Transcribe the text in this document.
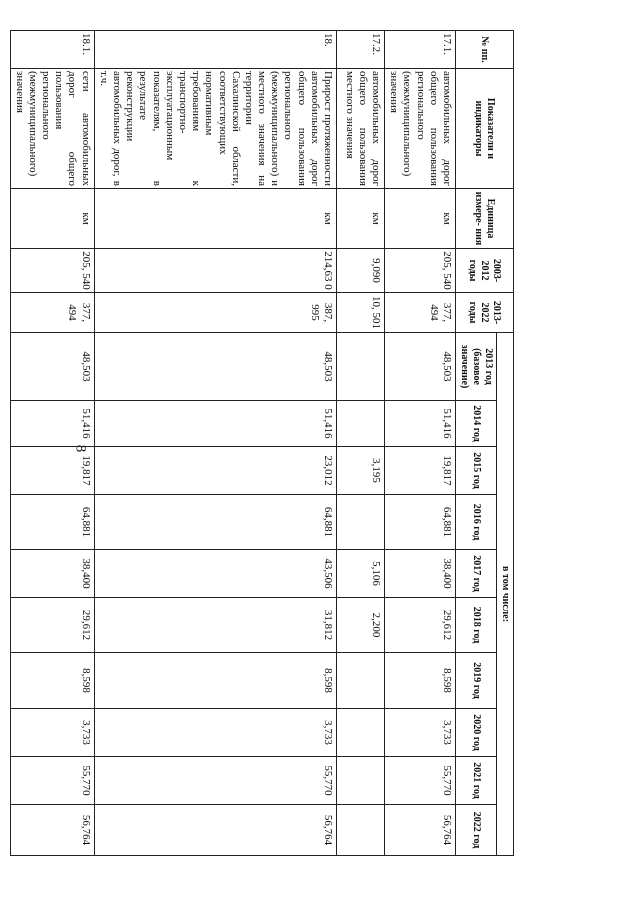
8
№ пп.	Показатели и индикаторы	Единица измере- ния	2003- 2012 годы	2013- 2022 годы	в том числе:									
					2013 год (базовое значение)	2014 год	2015 год	2016 год	2017 год	2018 год	2019 год	2020 год	2021 год	2022 год
17.1.	автомобильных дорог общего пользования регионального (межмуниципального) значения	км	205, 540	377, 494	48,503	51,416	19,817	64,881	38,400	29,612	8,598	3,733	55,770	56,764
17.2.	автомобильных дорог общего пользования местного значения	км	9,090	10, 501			3,195		5,106	2,200				
18.	Прирост протяженности автомобильных дорог общего пользования регионального (межмуниципального) и местного значения на территории Сахалинской области, соответствующих нормативным требованиям к транспортно-эксплуатационным показателям, в результате реконструкции автомобильных дорог, в т.ч.	км	214,63 0	387, 995	48,503	51,416	23,012	64,881	43,506	31,812	8,598	3,733	55,770	56,764
18.1.	сети автомобильных дорог общего пользования регионального (межмуниципального) значения	км	205, 540	377, 494	48,503	51,416	19,817	64,881	38,400	29,612	8,598	3,733	55,770	56,764
